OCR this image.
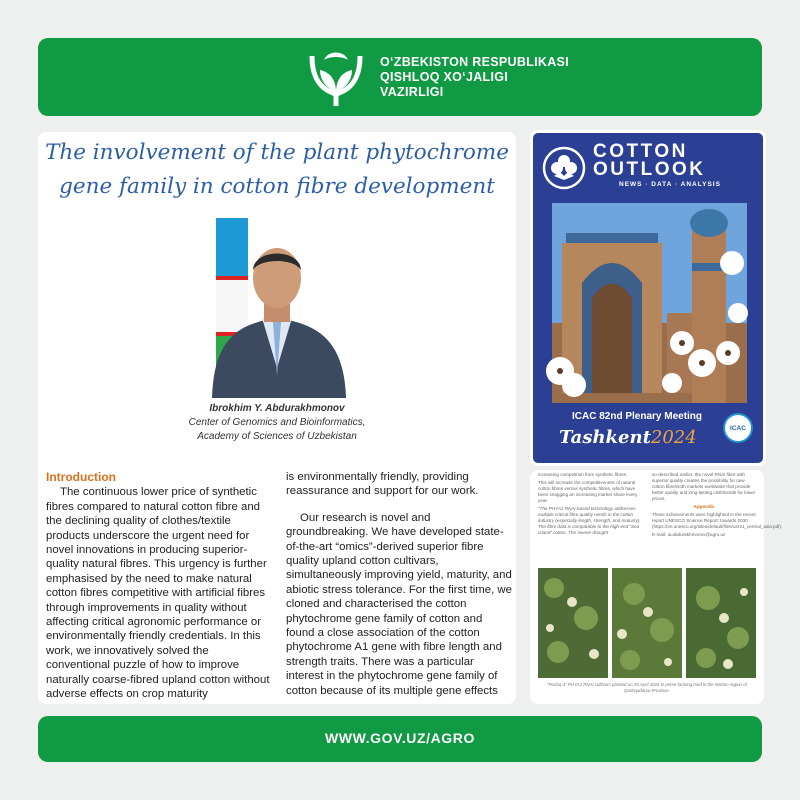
O‘ZBEKISTON RESPUBLIKASI
QISHLOQ XO‘JALIGI
VAZIRLIGI
The involvement of the plant phytochrome
gene family in cotton fibre development
Ibrokhim Y. Abdurakhmonov
Center of Genomics and Bioinformatics,
Academy of Sciences of Uzbekistan
Introduction

The continuous lower price of synthetic fibres compared to natural cotton fibre and the declining quality of clothes/textile products underscore the urgent need for novel innovations in producing superior-quality natural fibres. This urgency is further emphasised by the need to make natural cotton fibres competitive with artificial fibres through improvements in quality without affecting critical agronomic performance or environmentally friendly credentials. In this work, we innovatively solved the conventional puzzle of how to improve naturally coarse-fibred upland cotton without adverse effects on crop maturity

is environmentally friendly, providing reassurance and support for our work.

Our research is novel and groundbreaking. We have developed state-of-the-art “omics”-derived superior fibre quality upland cotton cultivars, simultaneously improving yield, maturity, and abiotic stress tolerance. For the first time, we cloned and characterised the cotton phytochrome gene family of cotton and found a close association of the cotton phytochrome A1 gene with fibre length and strength traits. There was a particular interest in the phytochrome gene family of cotton because of its multiple gene effects

COTTON
OUTLOOK
NEWS · DATA · ANALYSIS
ICAC 82nd Plenary Meeting
Tashkent2024	ICAC

increasing competition from synthetic fibres.

This will increase the competitiveness of natural cotton fibres versus synthetic fibres, which have been snagging an increasing market share every year.

“The PHYA1 RNAi-based technology addresses multiple critical fibre quality needs in the cotton industry (especially length, strength, and maturity). The fibre data is comparable to the high-end “Sea Island” cotton. The severe drought

so-described earlier, the novel RNAi fibre with superior quality creates the possibility for new cotton fibre/cloth markets worldwide that provide better quality and long-lasting cloth/textile for lower prices.

Appendix

These achievements were highlighted in the recent report UNESCO Science Report: towards 2030 (https://en.unesco.org/sites/default/files/usr21_central_asia.pdf).

E-mail: ia.abdurakhmonov@agro.uz

“Porloq-4” PHYA1 RNAi cultivars planted on 25 April 2024 in prime farming land in the Nishon region of Qashqadaryo Province.
WWW.GOV.UZ/AGRO
